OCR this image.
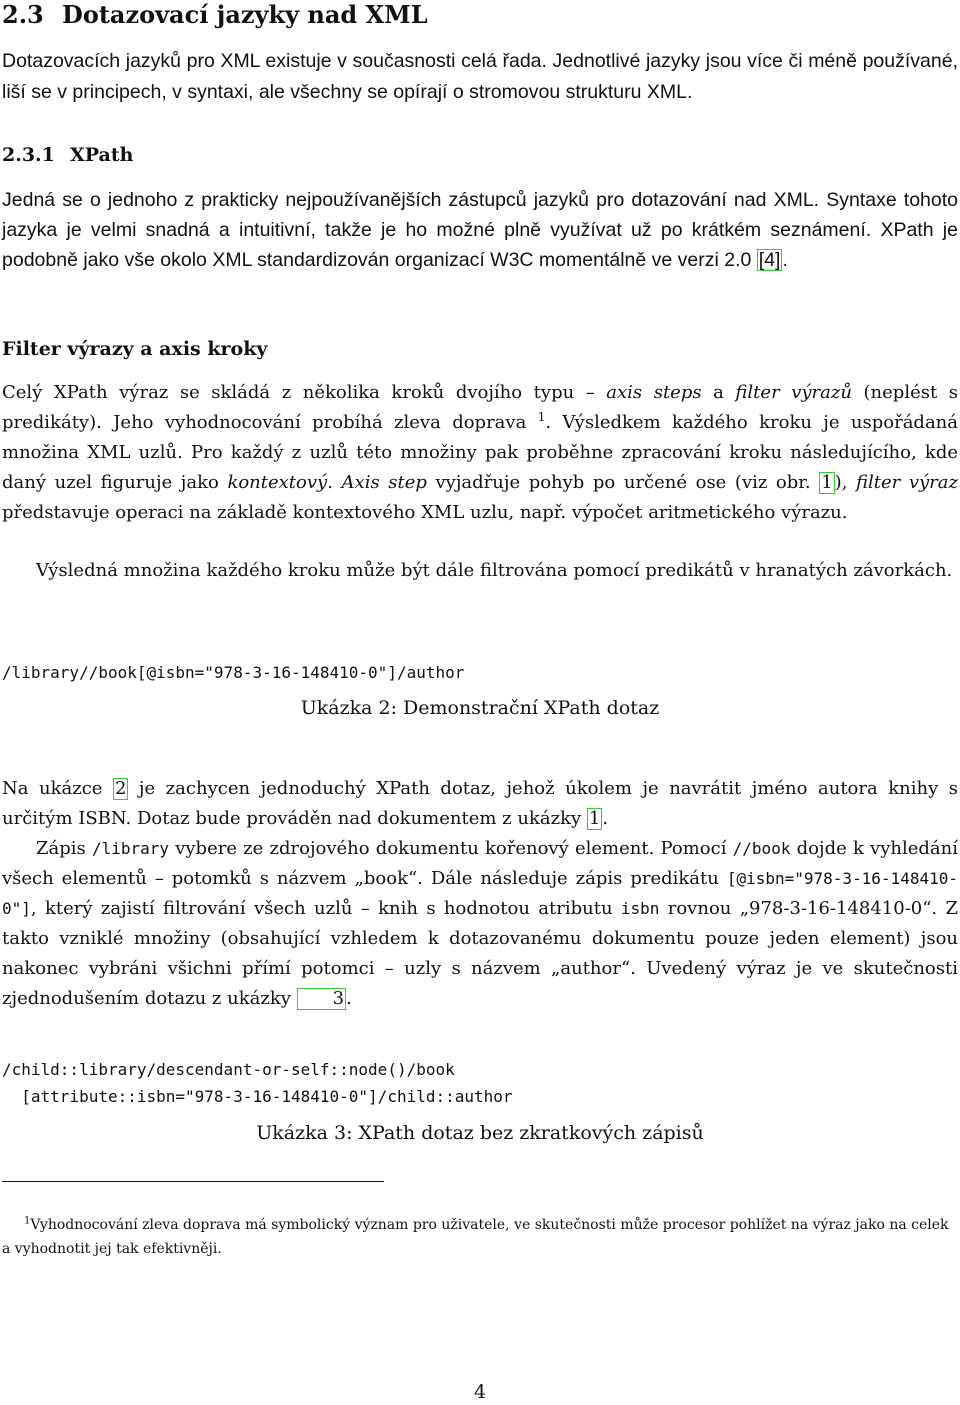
2.3 Dotazovací jazyky nad XML

Dotazovacích jazyků pro XML existuje v současnosti celá řada. Jednotlivé jazyky jsou více či méně používané, liší se v principech, v syntaxi, ale všechny se opírají o stromovou strukturu XML.

2.3.1 XPath

Jedná se o jednoho z prakticky nejpoužívanějších zástupců jazyků pro dotazování nad XML. Syntaxe tohoto jazyka je velmi snadná a intuitivní, takže je ho možné plně využívat už po krátkém seznámení. XPath je podobně jako vše okolo XML standardizován organizací W3C momentálně ve verzi 2.0 [4] .

Filter výrazy a axis kroky

Celý XPath výraz se skládá z několika kroků dvojího typu – axis steps a filter výrazů (neplést s predikáty). Jeho vyhodnocování probíhá zleva doprava $^1$. Výsledkem každého kroku je uspořádaná množina XML uzlů. Pro každý z uzlů této množiny pak proběhne zpracování kroku následujícího, kde daný uzel figuruje jako kontextový. Axis step vyjadřuje pohyb po určené ose (viz obr. 1 ), filter výraz představuje operaci na základě kontextového XML uzlu, např. výpočet aritmetického výrazu.

Výsledná množina každého kroku může být dále filtrována pomocí predikátů v hranatých závorkách.

/library//book[@isbn="978-3-16-148410-0"]/author
Ukázka 2: Demonstrační XPath dotaz

Na ukázce 2 je zachycen jednoduchý XPath dotaz, jehož úkolem je navrátit jméno autora knihy s určitým ISBN. Dotaz bude prováděn nad dokumentem z ukázky 1 .

Zápis /library vybere ze zdrojového dokumentu kořenový element. Pomocí //book dojde k vyhledání všech elementů – potomků s názvem „book“. Dále následuje zápis predikátu [@isbn="978-3-16-148410-0"], který zajistí filtrování všech uzlů – knih s hodnotou atributu isbn rovnou „978-3-16-148410-0“. Z takto vzniklé množiny (obsahující vzhledem k dotazovanému dokumentu pouze jeden element) jsou nakonec vybráni všichni přímí potomci – uzly s názvem „author“. Uvedený výraz je ve skutečnosti zjednodušením dotazu z ukázky 3 .

/child::library/descendant-or-self::node()/book
[attribute::isbn="978-3-16-148410-0"]/child::author
Ukázka 3: XPath dotaz bez zkratkových zápisů

$^1$Vyhodnocování zleva doprava má symbolický význam pro uživatele, ve skutečnosti může procesor pohlížet na výraz jako na celek a vyhodnotit jej tak efektivněji.

4
